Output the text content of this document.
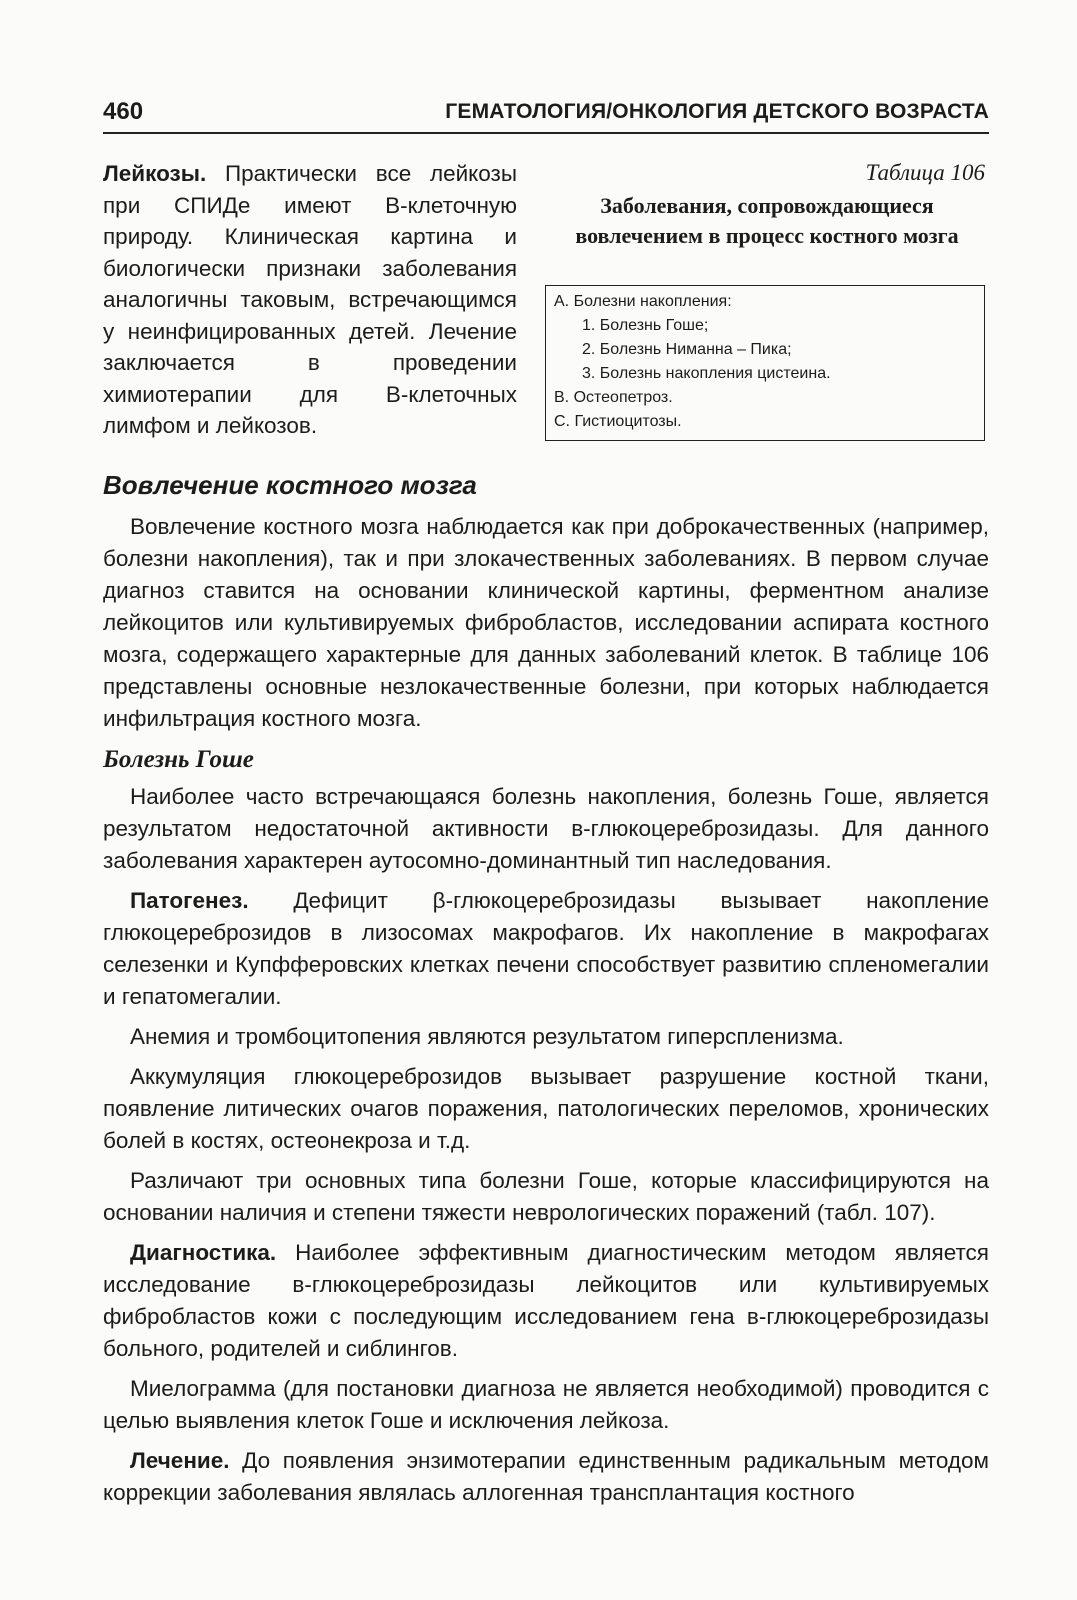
460	ГЕМАТОЛОГИЯ/ОНКОЛОГИЯ ДЕТСКОГО ВОЗРАСТА

Лейкозы. Практически все лейкозы при СПИДе имеют В-клеточную природу. Клиническая картина и биологически признаки заболевания аналогичны таковым, встречающимся у неинфицированных детей. Лечение заключается в проведении химиотерапии для В-клеточных лимфом и лейкозов.

Таблица 106
Заболевания, сопровождающиеся вовлечением в процесс костного мозга
А. Болезни накопления:
1. Болезнь Гоше;
2. Болезнь Ниманна – Пика;
3. Болезнь накопления цистеина.
В. Остеопетроз.
С. Гистиоцитозы.
Вовлечение костного мозга

Вовлечение костного мозга наблюдается как при доброкачественных (например, болезни накопления), так и при злокачественных заболеваниях. В первом случае диагноз ставится на основании клинической картины, ферментном анализе лейкоцитов или культивируемых фибробластов, исследовании аспирата костного мозга, содержащего характерные для данных заболеваний клеток. В таблице 106 представлены основные незлокачественные болезни, при которых наблюдается инфильтрация костного мозга.

Болезнь Гоше

Наиболее часто встречающаяся болезнь накопления, болезнь Гоше, является результатом недостаточной активности в-глюкоцереброзидазы. Для данного заболевания характерен аутосомно-доминантный тип наследования.

Патогенез. Дефицит β-глюкоцереброзидазы вызывает накопление глюкоцереброзидов в лизосомах макрофагов. Их накопление в макрофагах селезенки и Купфферовских клетках печени способствует развитию спленомегалии и гепатомегалии.

Анемия и тромбоцитопения являются результатом гиперспленизма.

Аккумуляция глюкоцереброзидов вызывает разрушение костной ткани, появление литических очагов поражения, патологических переломов, хронических болей в костях, остеонекроза и т.д.

Различают три основных типа болезни Гоше, которые классифицируются на основании наличия и степени тяжести неврологических поражений (табл. 107).

Диагностика. Наиболее эффективным диагностическим методом является исследование в-глюкоцереброзидазы лейкоцитов или культивируемых фибробластов кожи с последующим исследованием гена в-глюкоцереброзидазы больного, родителей и сиблингов.

Миелограмма (для постановки диагноза не является необходимой) проводится с целью выявления клеток Гоше и исключения лейкоза.

Лечение. До появления энзимотерапии единственным радикальным методом коррекции заболевания являлась аллогенная трансплантация костного
